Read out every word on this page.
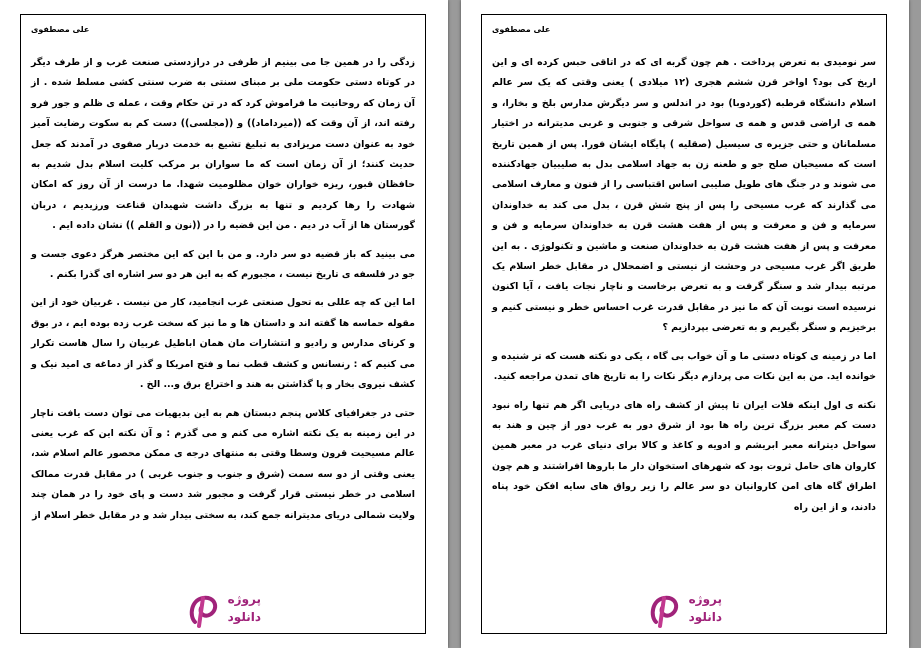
علی مصطفوی

زدگی را در همین جا می بینیم از طرفی در درازدستی صنعت غرب و از طرف دیگر در کوتاه دستی حکومت ملی بر مبنای سنتی به ضرب سنتی کشی مسلط شده . از آن زمان که روحانیت ما فراموش کرد که در تن حکام وقت ، عمله ی ظلم و جور فرو رفته اند، از آن وقت که ((میرداماد)) و ((مجلسی)) دست کم به سکوت رضایت آمیز خود به عنوان دست مریزادی به تبلیغ تشیع به خدمت دربار صفوی در آمدند که جعل حدیث کنند؛ از آن زمان است که ما سواران بر مرکب کلیت اسلام بدل شدیم به حافظان قبور، ریزه خواران خوان مظلومیت شهدا. ما درست از آن روز که امکان شهادت را رها کردیم و تنها به بزرگ داشت شهیدان قناعت ورزیدیم ، دربان گورستان ها از آب در دیم . من این قضیه را در ((نون و القلم )) نشان داده ایم .

می بینید که باز قضیه دو سر دارد. و من با این که این مختصر هرگز دعوی جست و جو در فلسفه ی تاریخ نیست ، مجبورم که به این هر دو سر اشاره ای گذرا بکنم .

اما این که چه عللی به تحول صنعتی غرب انجامید، کار من نیست . غربیان خود از این مقوله حماسه ها گفته اند و داستان ها و ما نیز که سخت غرب زده بوده ایم ، در بوق و کرنای مدارس و رادیو و انتشارات مان همان اباطیل غربیان را سال هاست تکرار می کنیم که : رنسانس و کشف قطب نما و فتح امریکا و گذر از دماغه ی امید نیک و کشف نیروی بخار و پا گذاشتن به هند و اختراع برق و... الخ .

حتی در جغرافیای کلاس پنجم دبستان هم به این بدیهیات می توان دست یافت ناچار در این زمینه به یک نکته اشاره می کنم و می گذرم : و آن نکته این که غرب یعنی عالم مسیحیت قرون وسطا وقتی به منتهای درجه ی ممکن محصور عالم اسلام شد، یعنی وقتی از دو سه سمت (شرق و جنوب و جنوب غربی ) در مقابل قدرت ممالک اسلامی در خطر نیستی قرار گرفت و مجبور شد دست و پای خود را در همان چند ولایت شمالی دریای مدیترانه جمع کند، به سختی بیدار شد و در مقابل خطر اسلام از

پروژه
دانلود
علی مصطفوی

سر نومیدی به تعرض پرداخت . هم چون گربه ای که در اتاقی حبس کرده ای و این اریخ کی بود؟ اواخر قرن ششم هجری (۱۲ میلادی ) یعنی وقتی که یک سر عالم اسلام دانشگاه قرطبه (کوردوبا) بود در اندلس و سر دیگرش مدارس بلخ و بخارا، و همه ی اراضی قدس و همه ی سواحل شرقی و جنوبی و غربی مدیترانه در اختیار مسلمانان و حتی جزیره ی سیسیل (صقلیه ) پایگاه ایشان فورا. پس از همین تاریخ است که مسیحیان صلح جو و طعنه زن به جهاد اسلامی بدل به صلیبیان جهادکننده می شوند و در جنگ های طویل صلیبی اساس اقتباسی را از فنون و معارف اسلامی می گذارند که غرب مسیحی را پس از پنج شش قرن ، بدل می کند به خداوندان سرمایه و فن و معرفت و پس از هفت هشت قرن به خداوندان سرمایه و فن و معرفت و پس از هفت هشت قرن به خداوندان صنعت و ماشین و تکنولوژی . به این طریق اگر غرب مسیحی در وحشت از نیستی و اضمحلال در مقابل خطر اسلام یک مرتبه بیدار شد و سنگر گرفت و به تعرض برخاست و ناچار نجات یافت ، آیا اکنون نرسیده است نوبت آن که ما نیز در مقابل قدرت غرب احساس خطر و نیستی کنیم و برخیزیم و سنگر بگیریم و به تعرضی بپردازیم ؟

اما در زمینه ی کوتاه دستی ما و آن خواب بی گاه ، یکی دو نکته هست که تر شنیده و خوانده اید. من به این نکات می پردازم دیگر نکات را به تاریخ های تمدن مراجعه کنید.

نکته ی اول اینکه فلات ایران تا پیش از کشف راه های دریایی اگر هم تنها راه نبود دست کم معبر بزرگ ترین راه ها بود از شرق دور به غرب دور از چین و هند به سواحل دیترانه معبر ابریشم و ادویه و کاغذ و کالا برای دنیای غرب در معبر همین کاروان های حامل ثروت بود که شهرهای استخوان دار ما باروها افراشتند و هم چون اطراق گاه های امن کاروانیان دو سر عالم را زیر رواق های سایه افکن خود پناه دادند، و از این راه

پروژه
دانلود
